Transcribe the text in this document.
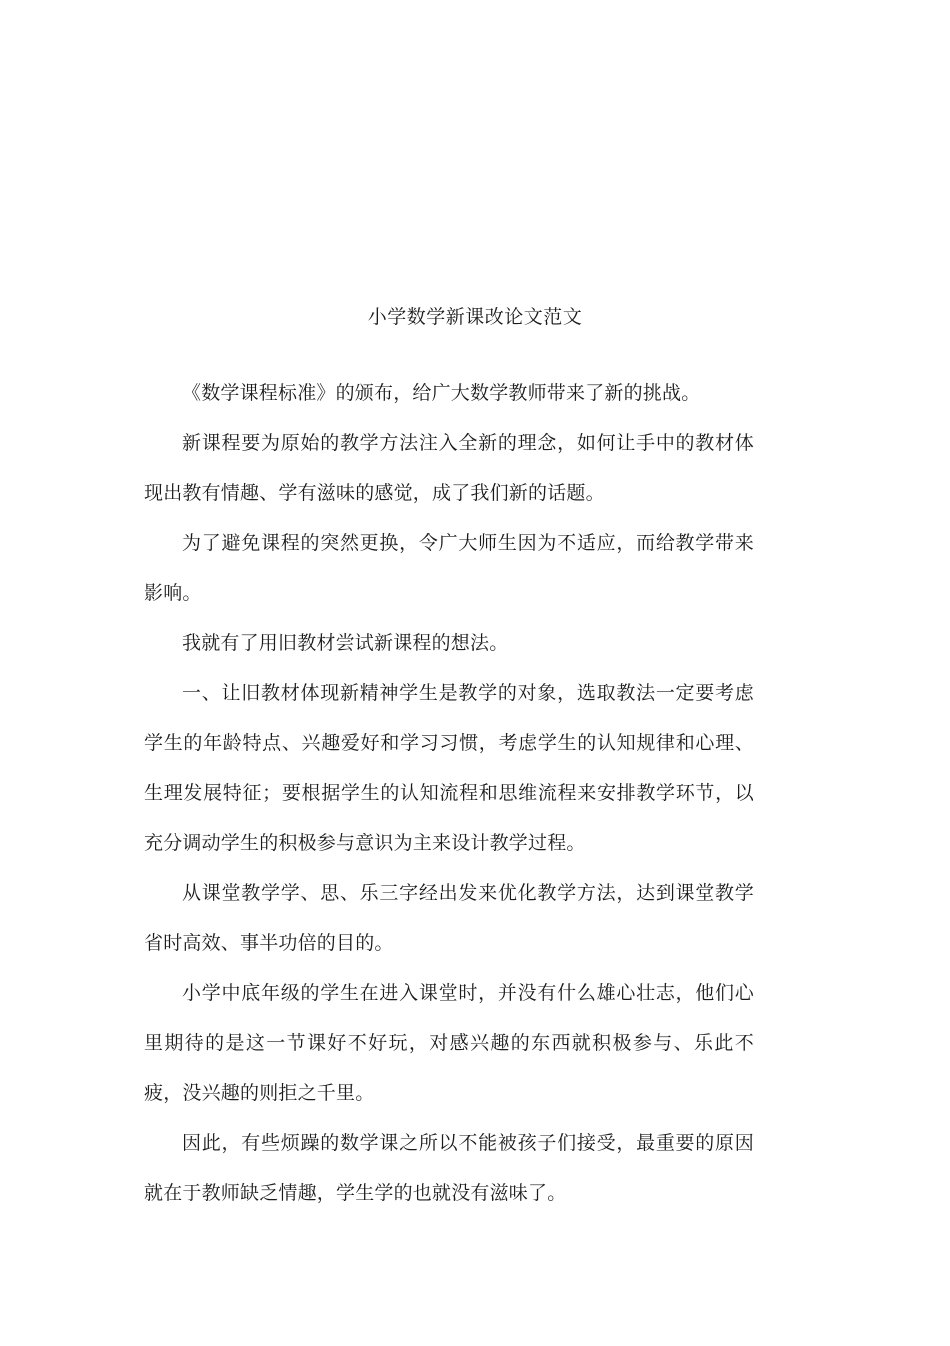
小学数学新课改论文范文

《数学课程标准》的颁布，给广大数学教师带来了新的挑战。

新课程要为原始的教学方法注入全新的理念，如何让手中的教材体现出教有情趣、学有滋味的感觉，成了我们新的话题。

为了避免课程的突然更换，令广大师生因为不适应，而给教学带来影响。

我就有了用旧教材尝试新课程的想法。

一、让旧教材体现新精神学生是教学的对象，选取教法一定要考虑学生的年龄特点、兴趣爱好和学习习惯，考虑学生的认知规律和心理、生理发展特征；要根据学生的认知流程和思维流程来安排教学环节，以充分调动学生的积极参与意识为主来设计教学过程。

从课堂教学学、思、乐三字经出发来优化教学方法，达到课堂教学省时高效、事半功倍的目的。

小学中底年级的学生在进入课堂时，并没有什么雄心壮志，他们心里期待的是这一节课好不好玩，对感兴趣的东西就积极参与、乐此不疲，没兴趣的则拒之千里。

因此，有些烦躁的数学课之所以不能被孩子们接受，最重要的原因就在于教师缺乏情趣，学生学的也就没有滋味了。
